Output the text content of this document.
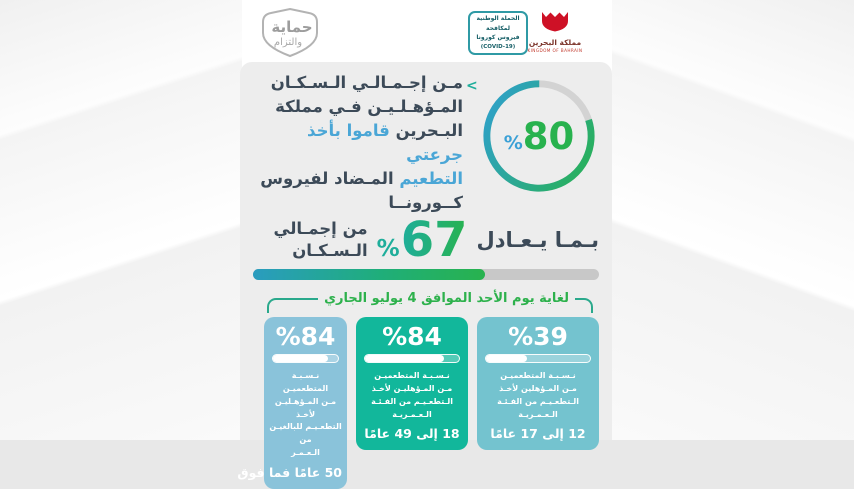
حماية
والتزام
الحملة الوطنية
لمكافحة
فيروس كورونا
(COVID-19) مملكة البحرين
KINGDOM OF BAHRAIN
مـن إجـمـالـي الـسـكـان
المـؤهـلـيـن فـي مملكة
البـحرين قاموا بأخذ جرعتي
التطعيم المـضاد لفيروس
كــورونــا
<
% 80
بـمـا يـعـادل
% 67
من إجمـالي
الـسـكـان
لغاية يوم الأحد الموافق 4 يوليو الجاري
%39
نـسـبـة المتطعميـن
مـن المـؤهلين لأخـذ
الـتطعـيـم من الفـئـة
الـعـمـريـة
12 إلى 17 عامًا
%84
نـسـبـة المتطعميـن
مـن المـؤهليـن لأخـذ
الـتطعـيـم من الفـئـة
الـعـمـريـة
18 إلى 49 عامًا
%84
نـسـبـة المتطعميـن
مـن المـؤهـليـن لأخـذ
التطعـيـم للبالغيـن من
الـعـمـر
50 عامًا فما فوق
